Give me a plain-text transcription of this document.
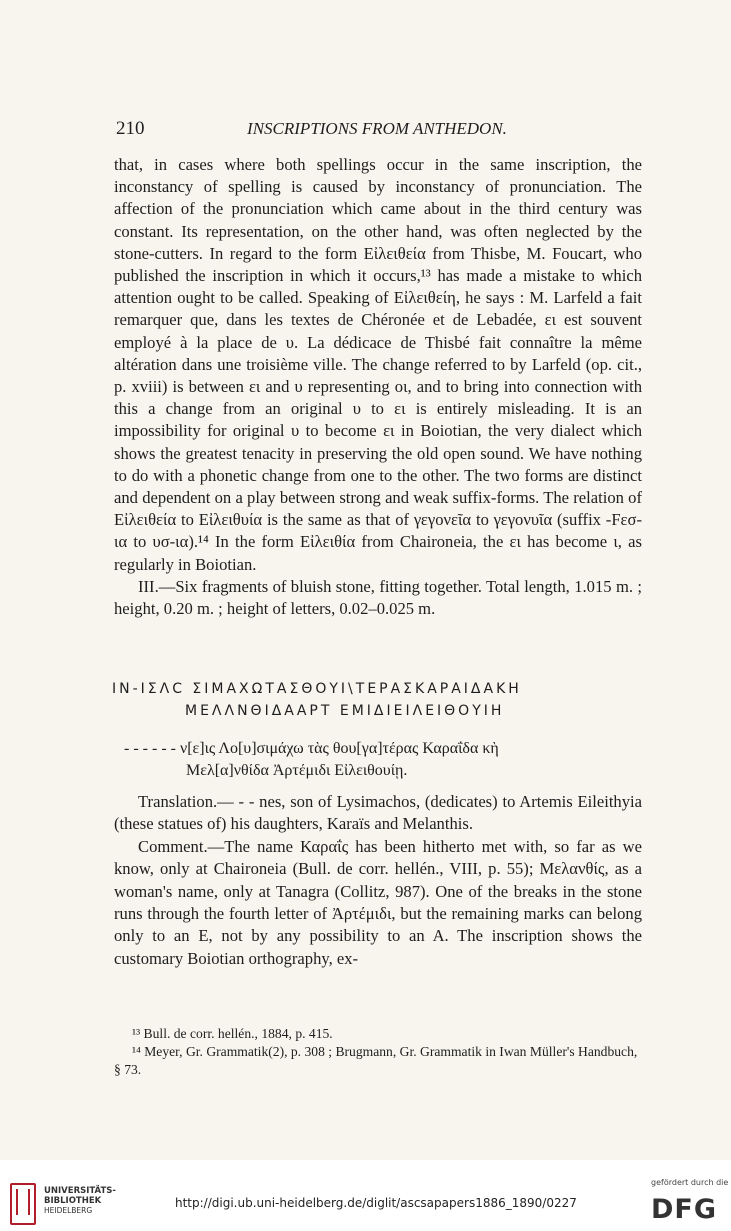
210	INSCRIPTIONS FROM ANTHEDON.

that, in cases where both spellings occur in the same inscription, the inconstancy of spelling is caused by inconstancy of pronunciation. The affection of the pronunciation which came about in the third century was constant. Its representation, on the other hand, was often neglected by the stone-cutters. In regard to the form Εἰλειθεία from Thisbe, M. Foucart, who published the inscription in which it occurs,¹³ has made a mistake to which attention ought to be called. Speaking of Εἰλειθείη, he says : M. Larfeld a fait remarquer que, dans les textes de Chéronée et de Lebadée, ει est souvent employé à la place de υ. La dédicace de Thisbé fait connaître la même altération dans une troisième ville. The change referred to by Larfeld (op. cit., p. xviii) is between ει and υ representing οι, and to bring into connection with this a change from an original υ to ει is entirely misleading. It is an impossibility for original υ to become ει in Boiotian, the very dialect which shows the greatest tenacity in preserving the old open sound. We have nothing to do with a phonetic change from one to the other. The two forms are distinct and dependent on a play between strong and weak suffix-forms. The relation of Εἰλειθεία to Εἰλειθυία is the same as that of γεγονεῖα to γεγονυῖα (suffix -Fεσ-ια to υσ-ια).¹⁴ In the form Εἰλειθία from Chaironeia, the ει has become ι, as regularly in Boiotian.

III.—Six fragments of bluish stone, fitting together. Total length, 1.015 m. ; height, 0.20 m. ; height of letters, 0.02–0.025 m.

ΙΝ-ΙΣΛC ΣΙΜΑΧΩΤΑΣΘΟΥΙ\ΤΕΡΑΣΚΑΡΑΙΔΑΚΗ
ΜΕΛΛΝΘΙΔΑΑΡΤ ΕΜΙΔΙΕΙΛΕΙΘΟΥΙΗ
- - - - - - ν[ε]ις Λο[υ]σιμάχω τὰς θου[γα]τέρας Καραΐδα κὴ
Μελ[α]νθίδα Ἀρτέμιδι Εἰλειθουίῃ.

Translation.— - - nes, son of Lysimachos, (dedicates) to Artemis Eileithyia (these statues of) his daughters, Karaïs and Melanthis.

Comment.—The name Καραΐς has been hitherto met with, so far as we know, only at Chaironeia (Bull. de corr. hellén., VIII, p. 55); Μελανθίς, as a woman's name, only at Tanagra (Collitz, 987). One of the breaks in the stone runs through the fourth letter of Ἀρτέμιδι, but the remaining marks can belong only to an E, not by any possibility to an A. The inscription shows the customary Boiotian orthography, ex-

¹³ Bull. de corr. hellén., 1884, p. 415.

¹⁴ Meyer, Gr. Grammatik(2), p. 308 ; Brugmann, Gr. Grammatik in Iwan Müller's Handbuch, § 73.

UNIVERSITÄTS-
BIBLIOTHEK
HEIDELBERG
http://digi.ub.uni-heidelberg.de/diglit/ascsapapers1886_1890/0227
gefördert durch die
DFG
